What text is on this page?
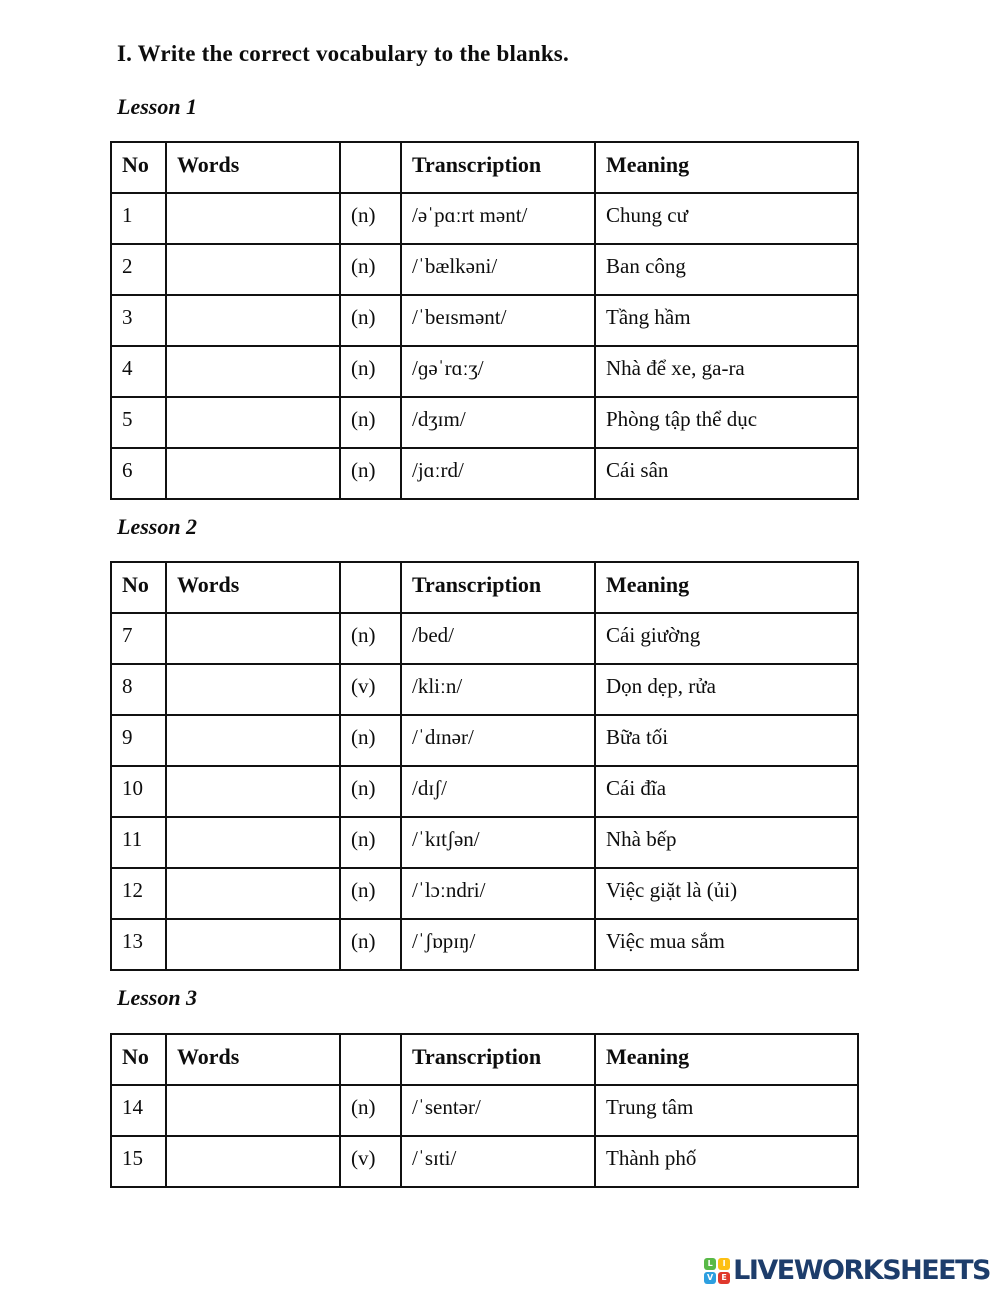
I. Write the correct vocabulary to the blanks.
Lesson 1
No	Words		Transcription	Meaning
1		(n)	/əˈpɑːrt mənt/	Chung cư
2		(n)	/ˈbælkəni/	Ban công
3		(n)	/ˈbeɪsmənt/	Tầng hầm
4		(n)	/ɡəˈrɑːʒ/	Nhà để xe, ga-ra
5		(n)	/dʒɪm/	Phòng tập thể dục
6		(n)	/jɑːrd/	Cái sân
Lesson 2
No	Words		Transcription	Meaning
7		(n)	/bed/	Cái giường
8		(v)	/kliːn/	Dọn dẹp, rửa
9		(n)	/ˈdɪnər/	Bữa tối
10		(n)	/dɪʃ/	Cái đĩa
11		(n)	/ˈkɪtʃən/	Nhà bếp
12		(n)	/ˈlɔːndri/	Việc giặt là (ủi)
13		(n)	/ˈʃɒpɪŋ/	Việc mua sắm
Lesson 3
No	Words		Transcription	Meaning
14		(n)	/ˈsentər/	Trung tâm
15		(v)	/ˈsɪti/	Thành phố
L	I
V	E LIVEWORKSHEETS
